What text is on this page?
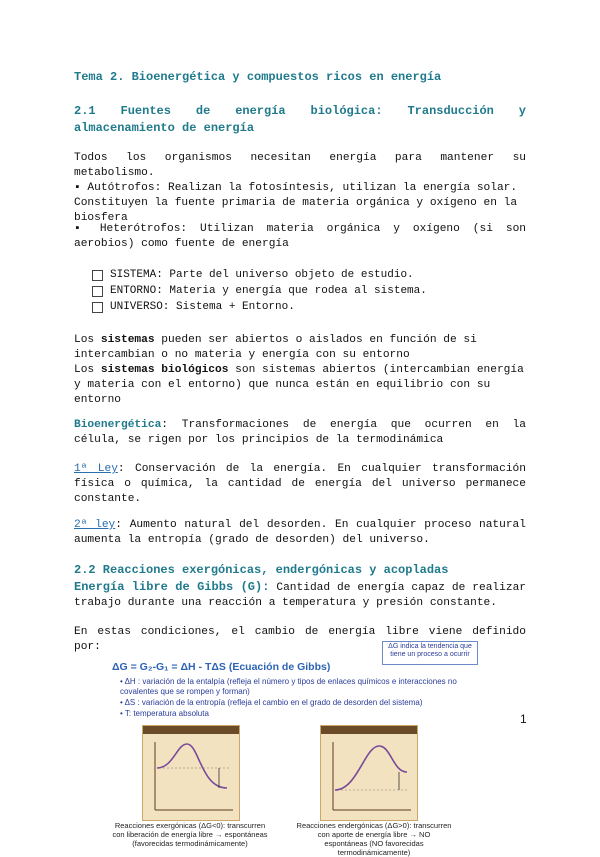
Tema 2. Bioenergética y compuestos ricos en energía
2.1 Fuentes de energía biológica: Transducción y almacenamiento de energía
Todos los organismos necesitan energía para mantener su metabolismo.
▪ Autótrofos: Realizan la fotosíntesis, utilizan la energía solar. Constituyen la fuente primaria de materia orgánica y oxígeno en la biosfera
▪ Heterótrofos: Utilizan materia orgánica y oxígeno (si son aerobios) como fuente de energía
SISTEMA: Parte del universo objeto de estudio.
ENTORNO: Materia y energía que rodea al sistema.
UNIVERSO: Sistema + Entorno.
Los sistemas pueden ser abiertos o aislados en función de si intercambian o no materia y energía con su entorno
Los sistemas biológicos son sistemas abiertos (intercambian energía y materia con el entorno) que nunca están en equilibrio con su entorno
Bioenergética: Transformaciones de energía que ocurren en la célula, se rigen por los principios de la termodinámica
1ª Ley: Conservación de la energía. En cualquier transformación física o química, la cantidad de energía del universo permanece constante.
2ª ley: Aumento natural del desorden. En cualquier proceso natural aumenta la entropía (grado de desorden) del universo.
2.2 Reacciones exergónicas, endergónicas y acopladas
Energía libre de Gibbs (G): Cantidad de energía capaz de realizar trabajo durante una reacción a temperatura y presión constante.
En estas condiciones, el cambio de energía libre viene definido por:	ΔG indica la tendencia que tiene un proceso a ocurrir
ΔG = G₂-G₁ = ΔH - TΔS (Ecuación de Gibbs)
• ΔH : variación de la entalpía (refleja el número y tipos de enlaces químicos e interacciones no covalentes que se rompen y forman)
• ΔS : variación de la entropía (refleja el cambio en el grado de desorden del sistema)
• T: temperatura absoluta
Reacciones exergónicas (ΔG<0): transcurren con liberación de energía libre → espontáneas (favorecidas termodinámicamente)
Reacciones endergónicas (ΔG>0): transcurren con aporte de energía libre → NO espontáneas (NO favorecidas termodinámicamente)
1
